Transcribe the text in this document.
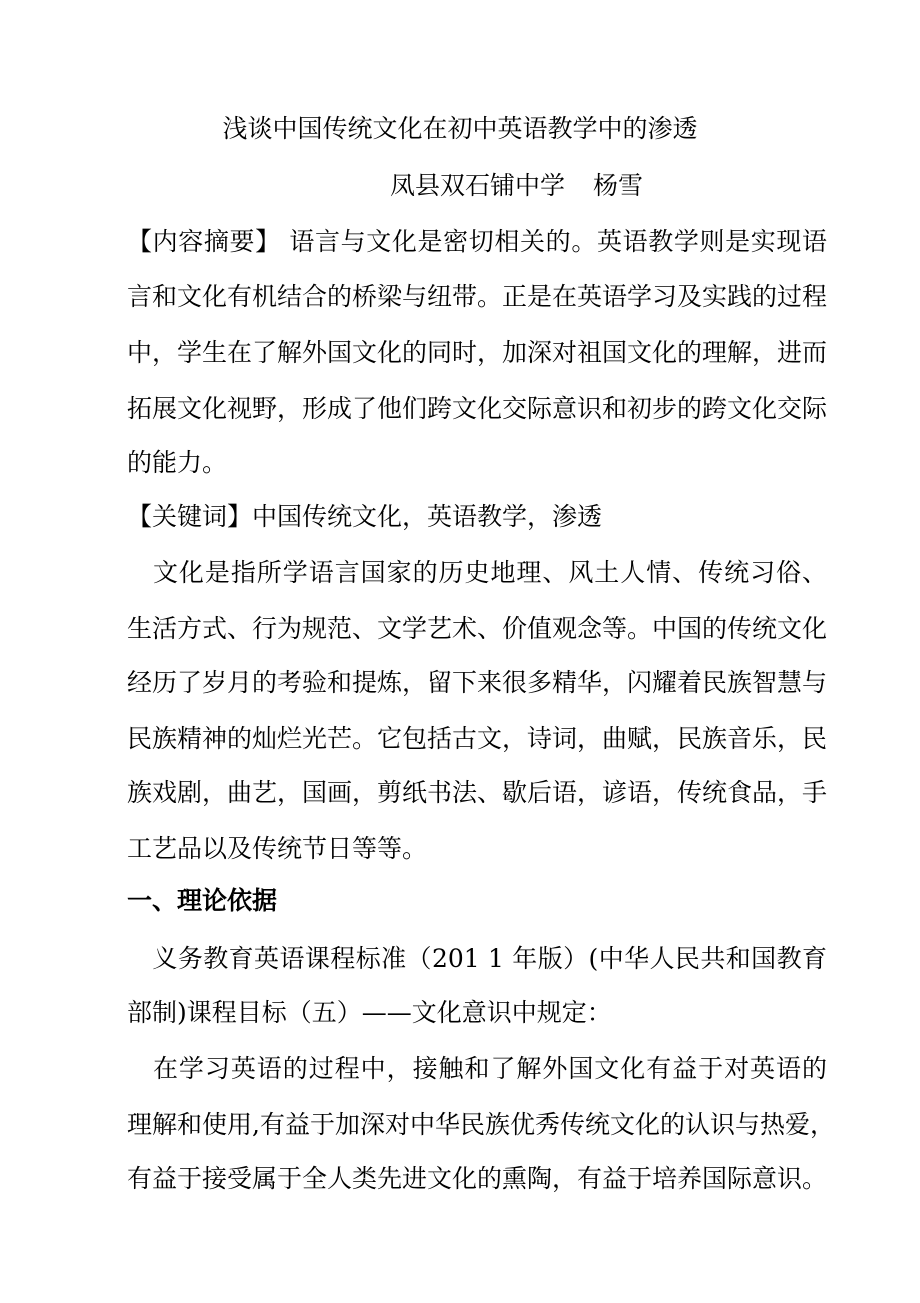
浅谈中国传统文化在初中英语教学中的渗透
凤县双石铺中学 杨雪
【内容摘要】 语言与文化是密切相关的。英语教学则是实现语
言和文化有机结合的桥梁与纽带。正是在英语学习及实践的过程
中，学生在了解外国文化的同时，加深对祖国文化的理解，进而
拓展文化视野，形成了他们跨文化交际意识和初步的跨文化交际
的能力。
【关键词】中国传统文化，英语教学，渗透
　文化是指所学语言国家的历史地理、风土人情、传统习俗、
生活方式、行为规范、文学艺术、价值观念等。中国的传统文化
经历了岁月的考验和提炼，留下来很多精华，闪耀着民族智慧与
民族精神的灿烂光芒。它包括古文，诗词，曲赋，民族音乐，民
族戏剧，曲艺，国画，剪纸书法、歇后语，谚语，传统食品，手
工艺品以及传统节日等等。
一、理论依据
　义务教育英语课程标准（201 1 年版）(中华人民共和国教育
部制)课程目标（五）——文化意识中规定：
　在学习英语的过程中，接触和了解外国文化有益于对英语的
理解和使用,有益于加深对中华民族优秀传统文化的认识与热爱，
有益于接受属于全人类先进文化的熏陶，有益于培养国际意识。
